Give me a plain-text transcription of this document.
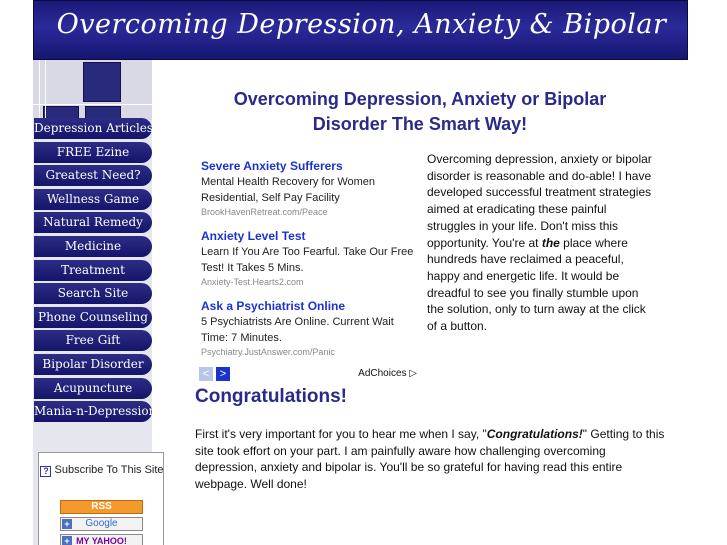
Overcoming Depression, Anxiety & Bipolar
Depression Articles
FREE Ezine
Greatest Need?
Wellness Game
Natural Remedy
Medicine
Treatment
Search Site
Phone Counseling
Free Gift
Bipolar Disorder
Acupuncture
Mania-n-Depression
? Subscribe To This Site
RSS
+ Google
+ MY YAHOO!
Overcoming Depression, Anxiety or Bipolar Disorder The Smart Way!
Severe Anxiety Sufferers
Mental Health Recovery for Women Residential, Self Pay Facility
BrookHavenRetreat.com/Peace
Anxiety Level Test
Learn If You Are Too Fearful. Take Our Free Test! It Takes 5 Mins.
Anxiety-Test.Hearts2.com
Ask a Psychiatrist Online
5 Psychiatrists Are Online. Current Wait Time: 7 Minutes.
Psychiatry.JustAnswer.com/Panic
< >	AdChoices ▷
Overcoming depression, anxiety or bipolar disorder is reasonable and do-able! I have developed successful treatment strategies aimed at eradicating these painful struggles in your life. Don't miss this opportunity. You're at the place where hundreds have reclaimed a peaceful, happy and energetic life. It would be dreadful to see you finally stumble upon the solution, only to turn away at the click of a button.
Congratulations!
First it's very important for you to hear me when I say, "Congratulations!" Getting to this site took effort on your part. I am painfully aware how challenging overcoming depression, anxiety and bipolar is. You'll be so grateful for having read this entire webpage. Well done!
